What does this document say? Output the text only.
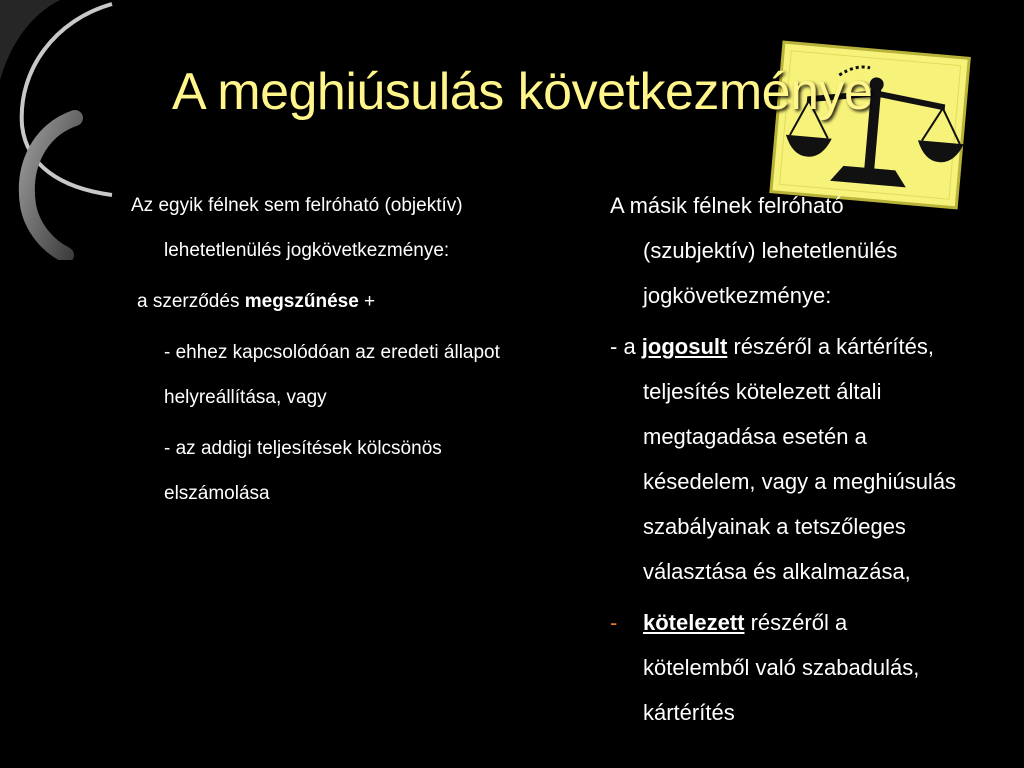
A meghiúsulás következménye

Az egyik félnek sem felróható (objektív)
lehetetlenülés jogkövetkezménye:

a szerződés megszűnése +

- ehhez kapcsolódóan az eredeti állapot
helyreállítása, vagy

- az addigi teljesítések kölcsönös
elszámolása

A másik félnek felróható
(szubjektív) lehetetlenülés
jogkövetkezménye:

- a jogosult részéről a kártérítés,
teljesítés kötelezett általi
megtagadása esetén a
késedelem, vagy a meghiúsulás
szabályainak a tetszőleges
választása és alkalmazása,

- kötelezett részéről a
kötelemből való szabadulás,
kártérítés
